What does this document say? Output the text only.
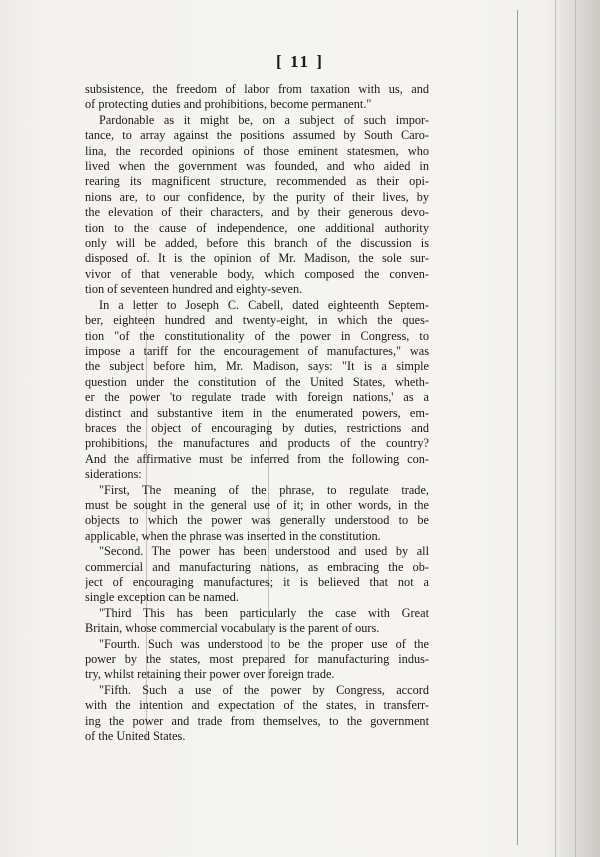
[ 11 ]

subsistence, the freedom of labor from taxation with us, and
of protecting duties and prohibitions, become permanent."

Pardonable as it might be, on a subject of such impor-
tance, to array against the positions assumed by South Caro-
lina, the recorded opinions of those eminent statesmen, who
lived when the government was founded, and who aided in
rearing its magnificent structure, recommended as their opi-
nions are, to our confidence, by the purity of their lives, by
the elevation of their characters, and by their generous devo-
tion to the cause of independence, one additional authority
only will be added, before this branch of the discussion is
disposed of. It is the opinion of Mr. Madison, the sole sur-
vivor of that venerable body, which composed the conven-
tion of seventeen hundred and eighty-seven.

In a letter to Joseph C. Cabell, dated eighteenth Septem-
ber, eighteen hundred and twenty-eight, in which the ques-
tion "of the constitutionality of the power in Congress, to
impose a tariff for the encouragement of manufactures," was
the subject before him, Mr. Madison, says: "It is a simple
question under the constitution of the United States, wheth-
er the power 'to regulate trade with foreign nations,' as a
distinct and substantive item in the enumerated powers, em-
braces the object of encouraging by duties, restrictions and
prohibitions, the manufactures and products of the country?
And the affirmative must be inferred from the following con-
siderations:

"First, The meaning of the phrase, to regulate trade,
must be sought in the general use of it; in other words, in the
objects to which the power was generally understood to be
applicable, when the phrase was inserted in the constitution.

"Second. The power has been understood and used by all
commercial and manufacturing nations, as embracing the ob-
ject of encouraging manufactures; it is believed that not a
single exception can be named.

"Third This has been particularly the case with Great
Britain, whose commercial vocabulary is the parent of ours.

"Fourth. Such was understood to be the proper use of the
power by the states, most prepared for manufacturing indus-
try, whilst retaining their power over foreign trade.

"Fifth. Such a use of the power by Congress, accord
with the intention and expectation of the states, in transferr-
ing the power and trade from themselves, to the government
of the United States.
